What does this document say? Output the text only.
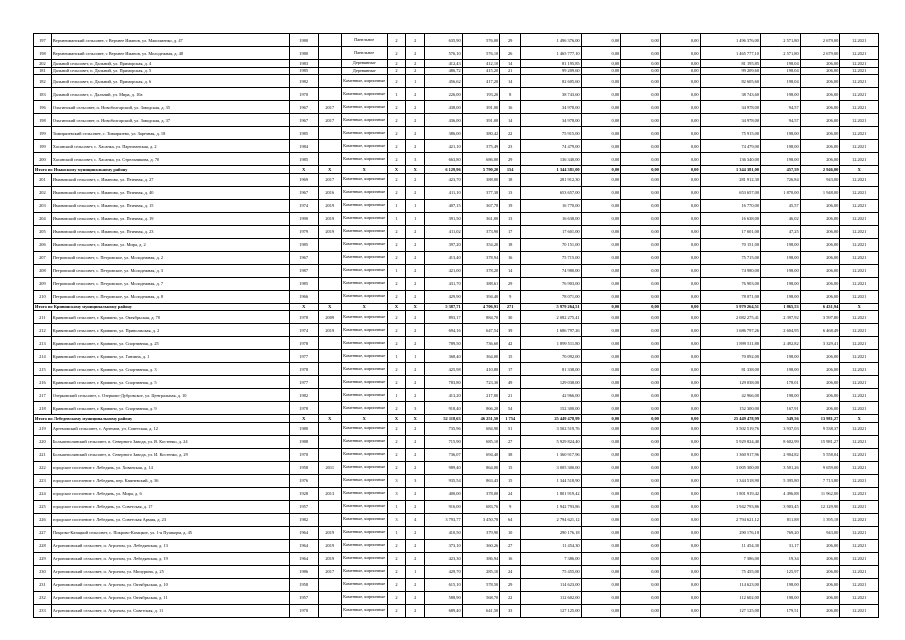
197	Верхнеиманский сельсовет, с Верхнее Иманов, ул. Максименко, д. 47	1980		Панельное	2	2	635,90	576,00	29	1 496 376,00	0,00	0,00	0,00	1 496 376,00	2 571,80	2 679,00	12.2021
198	Верхнеиманский сельсовет, с Верхнее Иманов, ул. Молодежная, д. 48	1980		Панельное	2	2	576,10	576,10	26	1 465 777,10	0,00	0,00	0,00	1 465 777,10	2 571,80	2 679,00	12.2021
202	Дальний сельсовет, п. Дальний, ул. Приморская, д. 4	1983		Деревянные	2	2	412,43	412,10	14	81 195,85	0,00	0,00	0,00	81 195,85	198,04	206,00	12.2021
181	Дальний сельсовет, п. Дальний, ул. Приморская, д. 5	1985		Деревянные	2	2	486,72	415,20	21	99 209,60	0,00	0,00	0,00	99 209,60	198,04	206,00	12.2021
182	Дальний сельсовет, п. Дальний, ул. Приморская, д. 6	1982		Каменные, кирпичные	2	1	456,62	417,20	14	82 605,60	0,00	0,00	0,00	82 605,60	198,04	206,00	12.2021
183	Дальний сельсовет, с. Дальний, ул. Мира, д. 10а	1970		Каменные, кирпичные	1	2	226,00	193,20	8	38 743,60	0,00	0,00	0,00	38 743,60	198,00	206,00	12.2021
196	Ольгинский сельсовет, п. Новоболгарский, ул. Заводская, д. 35	1967	2017	Каменные, кирпичные	2	2	438,00	391,00	16	34 978,00	0,00	0,00	0,00	34 978,00	94,57	206,00	12.2021
198	Ольгинский сельсовет, п. Новоболгарский, ул. Заводская, д. 37	1967	2017	Каменные, кирпичные	2	2	436,00	391,00	14	34 978,00	0,00	0,00	0,00	34 978,00	94,57	206,00	12.2021
199	Тимирязевский сельсовет, с. Тимирязево, ул. Заречная, д. 18	1985		Каменные, кирпичные	2	2	386,00	380,42	22	75 915,00	0,00	0,00	0,00	75 915,00	198,00	206,00	12.2021
199	Хасанский сельсовет, с. Хасанка, ул. Партизанская, д. 2	1984		Каменные, кирпичные	2	2	421,10	375,49	23	74 479,00	0,00	0,00	0,00	74 479,00	198,00	206,00	12.2021
200	Хасанский сельсовет, с. Хасанка, ул. Стрельникова, д. 70	1985		Каменные, кирпичные	2	3	663,80	686,00	29	136 340,00	0,00	0,00	0,00	136 340,00	198,00	206,00	12.2021
Итого по Иманскому муниципальному району		X	X	X	X	X	6 129,96	5 790,20	154	1 344 381,00	0,00	0,00	0,00	1 344 381,00	457,59	2 946,00	X
201	Имановский сельсовет, с. Иманово, ул. Птичная, д. 27	1969	2017	Каменные, кирпичные	2	2	423,70	388,00	18	281 912,30	0,00	0,00	0,00	281 912,30	726,84	943,00	12.2021
202	Имановский сельсовет, с. Иманово, ул. Птичная, д. 40	1967	2016	Каменные, кирпичные	2	2	411,10	377,38	13	653 657,00	0,00	0,00	0,00	653 657,00	1 870,00	1 948,00	12.2021
203	Имановский сельсовет, с. Иманово, ул. Птичная, д. 15	1974	2019	Каменные, кирпичные	1	1	407,15	367,78	19	16 770,00	0,00	0,00	0,00	16 770,00	45,57	206,00	12.2021
204	Имановский сельсовет, с. Иманово, ул. Птичная, д. 19	1990	2019	Каменные, кирпичные	1	1	391,50	361,00	13	16 638,00	0,00	0,00	0,00	16 638,00	46,02	206,00	12.2021
205	Имановский сельсовет, с. Иманово, ул. Птичная, д. 23	1979	2019	Каменные, кирпичные	2	2	411,02	373,90	17	17 601,00	0,00	0,00	0,00	17 601,00	47,25	206,00	12.2021
206	Имановский сельсовет, с. Иманово, ул. Мира, д. 2	1985		Каменные, кирпичные	2	2	397,20	354,20	18	70 151,00	0,00	0,00	0,00	70 151,00	198,00	206,00	12.2021
207	Петровский сельсовет, с. Петровское, ул. Молодежная, д. 2	1967		Каменные, кирпичные	2	2	413,40	378,94	16	75 715,00	0,00	0,00	0,00	75 715,00	198,00	206,00	12.2021
208	Петровский сельсовет, с. Петровское, ул. Молодежная, д. 3	1987		Каменные, кирпичные	1	2	421,00	378,20	14	74 980,00	0,00	0,00	0,00	74 980,00	198,00	206,00	12.2021
209	Петровский сельсовет, с. Петровское, ул. Молодежная, д. 7	1985		Каменные, кирпичные	2	2	431,70	388,61	29	76 903,00	0,00	0,00	0,00	76 903,00	198,00	206,00	12.2021
210	Петровский сельсовет, с. Петровское, ул. Молодежная, д. 8	1966		Каменные, кирпичные	2	2	429,90	394,40	9	78 071,00	0,00	0,00	0,00	78 071,00	198,00	206,00	12.2021
Итого по Кривинскому муниципальному району		X	X	X	X	X	5 387,71	4 706,91	271	5 979 264,51	0,00	0,00	0,00	5 979 264,51	1 865,53	6 431,94	X
211	Кривинский сельсовет, г. Кривино, ул. Октябрьская, д. 70	1978	2009	Каменные, кирпичные	2	2	893,17	884,70	30	2 082 275,41	0,00	0,00	0,00	2 082 275,41	2 397,92	3 597,80	12.2021
212	Кривинский сельсовет, г. Кривино, ул. Приволжская, д. 2	1974	2019	Каменные, кирпичные	2	2	694,16	647,54	39	1 686 797,26	0,00	0,00	0,00	1 686 797,26	2 604,95	6 468,49	12.2021
213	Кривинский сельсовет, г. Кривино, ул. Спортивная, д. 25	1978		Каменные, кирпичные	2	2	789,50	736,60	42	1 899 511,80	0,00	0,00	0,00	1 899 511,80	2 492,82	3 329,41	12.2021
214	Кривинский сельсовет, г. Кривино, ул. Ганзина, д. 1	1977		Каменные, кирпичные	1	1	368,40	364,00	15	70 092,00	0,00	0,00	0,00	70 092,00	198,00	206,00	12.2021
215	Кривинский сельсовет, г. Кривино, ул. Спортивная, д. 3	1978		Каменные, кирпичные	2	2	425,98	410,80	17	81 338,00	0,00	0,00	0,00	81 338,00	198,00	206,00	12.2021
216	Кривинский сельсовет, г. Кривино, ул. Спортивная, д. 5	1977		Каменные, кирпичные	2	2	783,80	723,30	49	129 038,00	0,00	0,00	0,00	129 038,00	178,01	206,00	12.2021
217	Озерковский сельсовет, с. Озерково-Дубровское, ул. Центральная, д. 10	1982		Каменные, кирпичные	1	2	413,20	217,00	21	42 966,00	0,00	0,00	0,00	42 966,00	198,00	206,00	12.2021
218	Кривинский сельсовет, г. Кривино, ул. Спортивная, д. 9	1978		Каменные, кирпичные	2	3	918,40	866,20	54	152 300,00	0,00	0,00	0,00	152 300,00	167,91	206,00	12.2021
Итого по Лебедевскому муниципальному району		X	X	X	X	X	52 118,63	46 251,50	1 754	25 449 478,99	0,00	0,00	0,00	25 449 478,99	549,56	13 981,27	X
219	Артемовский сельсовет, с. Артемов, ул. Советская, д. 12	1980		Каменные, кирпичные	2	2	735,96	684,90	51	3 502 519,76	0,00	0,00	0,00	3 502 519,76	3 937,03	9 538,37	12.2021
220	Большеполянский сельсовет, п. Северного Завода, ул. В. Костенко, д. 24	1988		Каменные, кирпичные	2	2	715,90	685,10	27	5 929 824,40	0,00	0,00	0,00	5 929 824,40	8 602,99	15 981,27	12.2021
221	Большеполянский сельсовет, п. Северного Завода, ул. И. Костенко, д. 29	1970		Каменные, кирпичные	2	2	736,07	694,40	38	1 360 917,96	0,00	0,00	0,00	1 360 917,96	2 904,82	5 558,04	12.2021
222	городское поселение г. Лебедянь, ул. Хованская, д. 14	1958	2011	Каменные, кирпичные	2	2	989,40	864,00	15	3 005 300,00	0,00	0,00	0,00	3 005 300,00	3 501,26	9 659,00	12.2021
223	городское поселение г. Лебедянь, пер. Камневский, д. 36	1976		Каменные, кирпичные	3	3	935,54	863,43	15	1 344 518,90	0,00	0,00	0,00	1 344 518,90	5 395,80	7 713,80	12.2021
224	городское поселение г. Лебедянь, ул. Мира, д. 6	1928	2013	Каменные, кирпичные	3	2	400,00	378,00	24	1 801 919,42	0,00	0,00	0,00	1 801 919,42	4 496,88	11 962,00	12.2021
225	городское поселение г. Лебедянь, ул. Советская, д. 17	1957		Каменные, кирпичные	1	2	916,00	683,76	9	1 942 793,86	0,00	0,00	0,00	1 942 793,86	3 903,45	12 129,90	12.2021
226	городское поселение г. Лебедянь, ул. Советская Армия, д. 23	1982		Каменные, кирпичные	3	4	3 793,77	3 450,78	64	2 794 621,12	0,00	0,00	0,00	2 794 621,12	811,88	1 395,18	12.2021
227	Покрово-Казацкий сельсовет, с. Покрово-Казацкое, ул. 1-я Пушкорм, д. 45	1964	2019	Каменные, кирпичные	1	2	410,50	379,90	10	290 176,18	0,00	0,00	0,00	290 176,18	769,20	943,00	12.2021
228	Агрономовский сельсовет, п. Агроном, ул. Лебедянская, д. 13	1964	2019	Каменные, кирпичные	2	2	373,10	360,26	27	11 454,30	0,00	0,00	0,00	11 454,30	31,17	206,00	12.2021
229	Агрономовский сельсовет, п. Агроном, ул. Лебедянская, д. 19	1964	2019	Каменные, кирпичные	2	2	423,30	386,94	16	7 386,00	0,00	0,00	0,00	7 386,00	19,34	206,00	12.2021
230	Агрономовский сельсовет, п. Агроном, ул. Мичурина, д. 25	1986	2017	Каменные, кирпичные	2	1	429,70	285,10	24	75 455,00	0,00	0,00	0,00	75 455,00	125,97	206,00	12.2021
231	Агрономовский сельсовет, п. Агроном, ул. Октябрьская, д. 10	1958		Каменные, кирпичные	2	2	615,10	578,50	29	114 623,00	0,00	0,00	0,00	114 623,00	198,00	206,00	12.2021
232	Агрономовский сельсовет, п. Агроном, ул. Октябрьская, д. 11	1957		Каменные, кирпичные	2	2	588,90	568,70	22	112 602,00	0,00	0,00	0,00	112 602,00	198,00	206,00	12.2021
233	Агрономовский сельсовет, п. Агроном, ул. Советская, д. 11	1970		Каменные, кирпичные	2	2	689,40	641,50	33	127 125,00	0,00	0,00	0,00	127 125,00	179,51	206,00	12.2021
